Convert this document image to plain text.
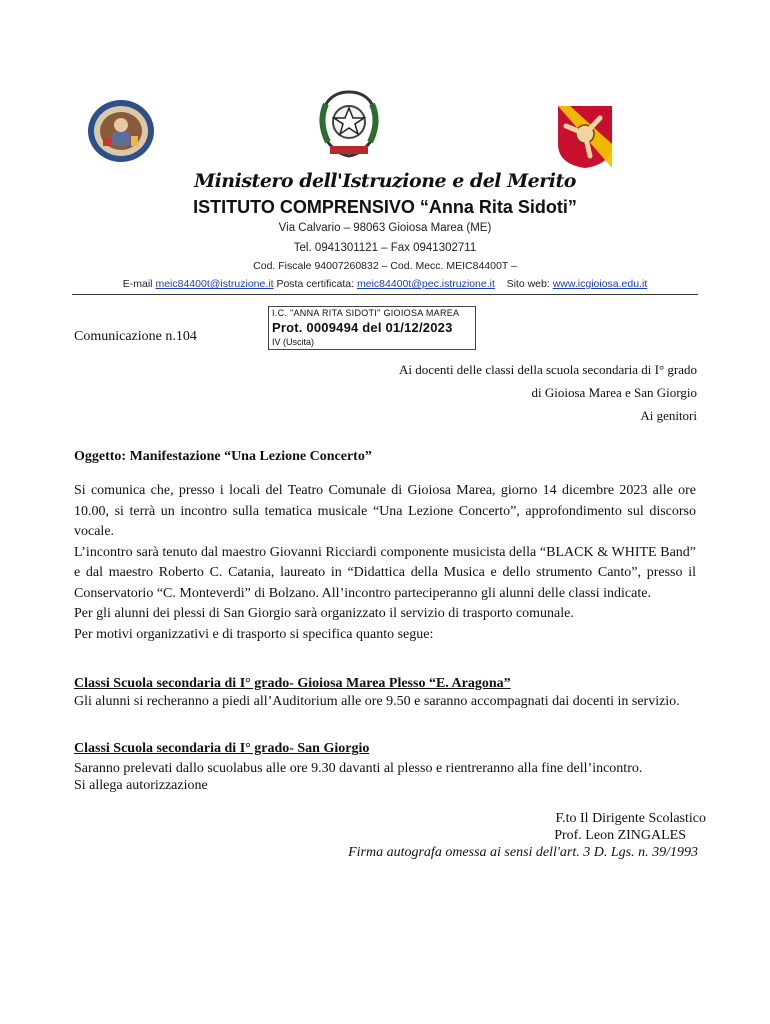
Ministero dell'Istruzione e del Merito
ISTITUTO COMPRENSIVO “Anna Rita Sidoti”
Via Calvario – 98063 Gioiosa Marea (ME)
Tel. 0941301121 – Fax 0941302711
Cod. Fiscale 94007260832 – Cod. Mecc. MEIC84400T –
E-mail meic84400t@istruzione.it Posta certificata: meic84400t@pec.istruzione.it Sito web: www.icgioiosa.edu.it
I.C. "ANNA RITA SIDOTI" GIOIOSA MAREA
Prot. 0009494 del 01/12/2023
IV (Uscita)
Comunicazione n.104
Ai docenti delle classi della scuola secondaria di I° grado
di Gioiosa Marea e San Giorgio
Ai genitori
Oggetto: Manifestazione “Una Lezione Concerto”

Si comunica che, presso i locali del Teatro Comunale di Gioiosa Marea, giorno 14 dicembre 2023 alle ore 10.00, si terrà un incontro sulla tematica musicale “Una Lezione Concerto”, approfondimento sul discorso vocale.

L’incontro sarà tenuto dal maestro Giovanni Ricciardi componente musicista della “BLACK & WHITE Band” e dal maestro Roberto C. Catania, laureato in “Didattica della Musica e dello strumento Canto”, presso il Conservatorio “C. Monteverdi” di Bolzano. All’incontro parteciperanno gli alunni delle classi indicate.

Per gli alunni dei plessi di San Giorgio sarà organizzato il servizio di trasporto comunale.

Per motivi organizzativi e di trasporto si specifica quanto segue:

Classi Scuola secondaria di I° grado- Gioiosa Marea Plesso “E. Aragona”
Gli alunni si recheranno a piedi all’Auditorium alle ore 9.50 e saranno accompagnati dai docenti in servizio.
Classi Scuola secondaria di I° grado- San Giorgio
Saranno prelevati dallo scuolabus alle ore 9.30 davanti al plesso e rientreranno alla fine dell’incontro.
Si allega autorizzazione
F.to Il Dirigente Scolastico
Prof. Leon ZINGALES
Firma autografa omessa ai sensi dell'art. 3 D. Lgs. n. 39/1993
